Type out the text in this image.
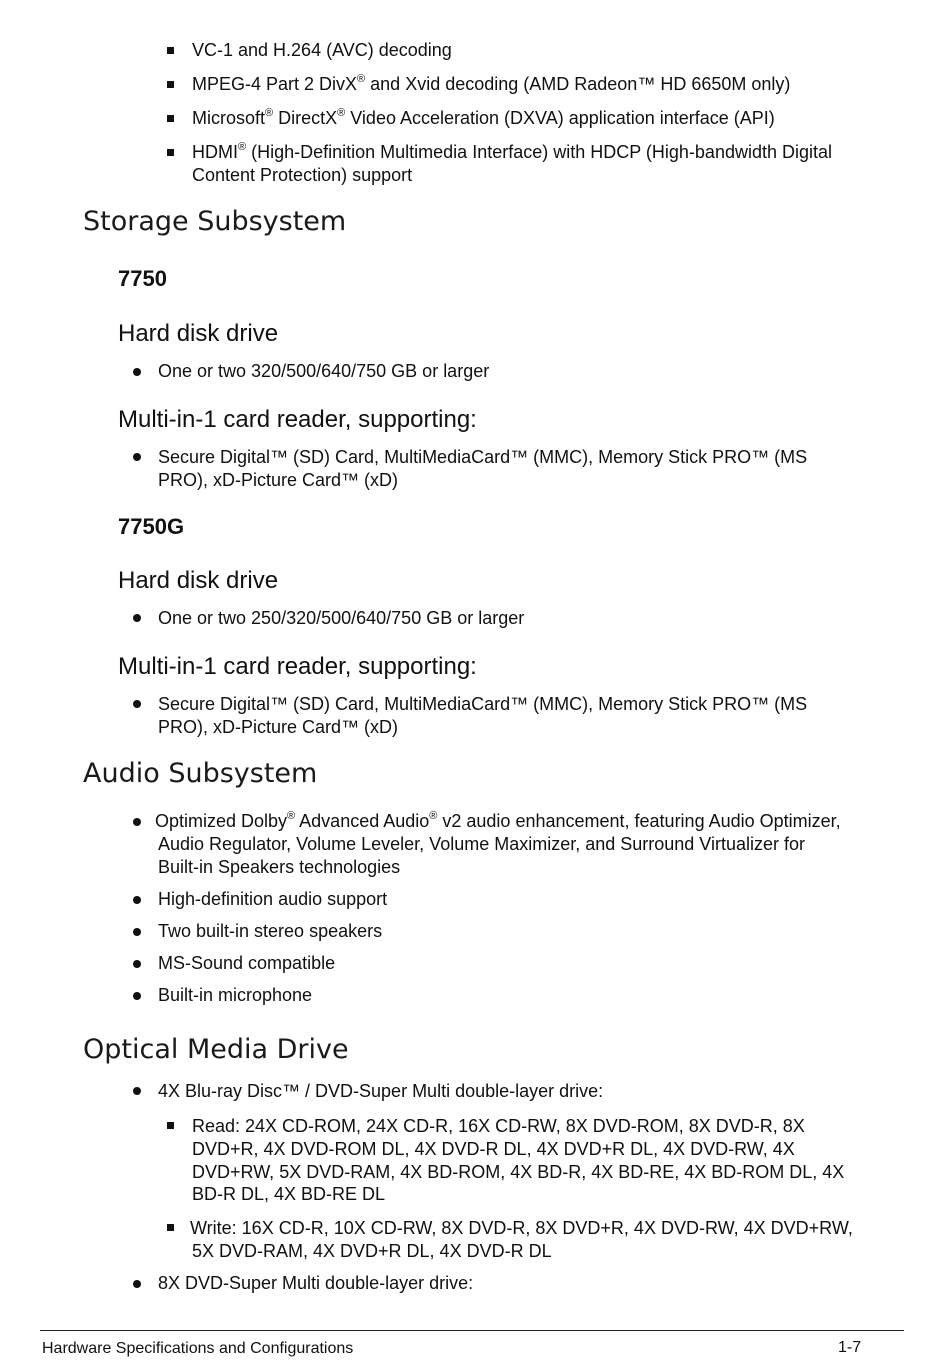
VC-1 and H.264 (AVC) decoding
MPEG-4 Part 2 DivX® and Xvid decoding (AMD Radeon™ HD 6650M only)
Microsoft® DirectX® Video Acceleration (DXVA) application interface (API)
HDMI® (High-Definition Multimedia Interface) with HDCP (High-bandwidth Digital
Content Protection) support
Storage Subsystem
7750
Hard disk drive
One or two 320/500/640/750 GB or larger
Multi-in-1 card reader, supporting:
Secure Digital™ (SD) Card, MultiMediaCard™ (MMC), Memory Stick PRO™ (MS
PRO), xD-Picture Card™ (xD)
7750G
Hard disk drive
One or two 250/320/500/640/750 GB or larger
Multi-in-1 card reader, supporting:
Secure Digital™ (SD) Card, MultiMediaCard™ (MMC), Memory Stick PRO™ (MS
PRO), xD-Picture Card™ (xD)
Audio Subsystem
Optimized Dolby® Advanced Audio® v2 audio enhancement, featuring Audio Optimizer,
Audio Regulator, Volume Leveler, Volume Maximizer, and Surround Virtualizer for
Built-in Speakers technologies
High-definition audio support
Two built-in stereo speakers
MS-Sound compatible
Built-in microphone
Optical Media Drive
4X Blu-ray Disc™ / DVD-Super Multi double-layer drive:
Read: 24X CD-ROM, 24X CD-R, 16X CD-RW, 8X DVD-ROM, 8X DVD-R, 8X
DVD+R, 4X DVD-ROM DL, 4X DVD-R DL, 4X DVD+R DL, 4X DVD-RW, 4X
DVD+RW, 5X DVD-RAM, 4X BD-ROM, 4X BD-R, 4X BD-RE, 4X BD-ROM DL, 4X
BD-R DL, 4X BD-RE DL
Write: 16X CD-R, 10X CD-RW, 8X DVD-R, 8X DVD+R, 4X DVD-RW, 4X DVD+RW,
5X DVD-RAM, 4X DVD+R DL, 4X DVD-R DL
8X DVD-Super Multi double-layer drive:
Hardware Specifications and Configurations	1-7
